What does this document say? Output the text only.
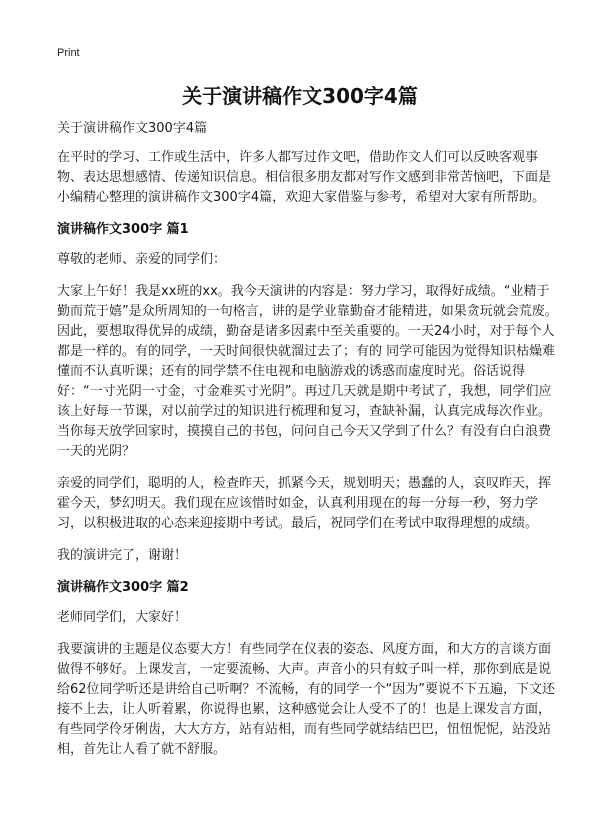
Print
关于演讲稿作文300字4篇

关于演讲稿作文300字4篇

在平时的学习、工作或生活中，许多人都写过作文吧，借助作文人们可以反映客观事物、表达思想感情、传递知识信息。相信很多朋友都对写作文感到非常苦恼吧，下面是小编精心整理的演讲稿作文300字4篇，欢迎大家借鉴与参考，希望对大家有所帮助。

演讲稿作文300字 篇1

尊敬的老师、亲爱的同学们：

大家上午好！我是xx班的xx。我今天演讲的内容是：努力学习，取得好成绩。“业精于勤而荒于嬉”是众所周知的一句格言，讲的是学业靠勤奋才能精进，如果贪玩就会荒废。因此，要想取得优异的成绩，勤奋是诸多因素中至关重要的。一天24小时，对于每个人都是一样的。有的同学，一天时间很快就溜过去了；有的 同学可能因为觉得知识枯燥难懂而不认真听课；还有的同学禁不住电视和电脑游戏的诱惑而虚度时光。俗话说得好：“一寸光阴一寸金，寸金难买寸光阴”。再过几天就是期中考试了，我想，同学们应该上好每一节课，对以前学过的知识进行梳理和复习，查缺补漏，认真完成每次作业。当你每天放学回家时，摸摸自己的书包，问问自己今天又学到了什么？有没有白白浪费一天的光阴？

亲爱的同学们，聪明的人，检查昨天，抓紧今天，规划明天；愚蠢的人，哀叹昨天，挥霍今天，梦幻明天。我们现在应该惜时如金，认真利用现在的每一分每一秒，努力学习，以积极进取的心态来迎接期中考试。最后，祝同学们在考试中取得理想的成绩。

我的演讲完了，谢谢！

演讲稿作文300字 篇2

老师同学们，大家好！

我要演讲的主题是仪态要大方！有些同学在仪表的姿态、风度方面，和大方的言谈方面做得不够好。上课发言，一定要流畅、大声。声音小的只有蚊子叫一样，那你到底是说给62位同学听还是讲给自己听啊？不流畅，有的同学一个“因为”要说不下五遍，下文还接不上去，让人听着累，你说得也累，这种感觉会让人受不了的！也是上课发言方面，有些同学伶牙俐齿，大大方方，站有站相，而有些同学就结结巴巴，忸忸怩怩，站没站相，首先让人看了就不舒服。
